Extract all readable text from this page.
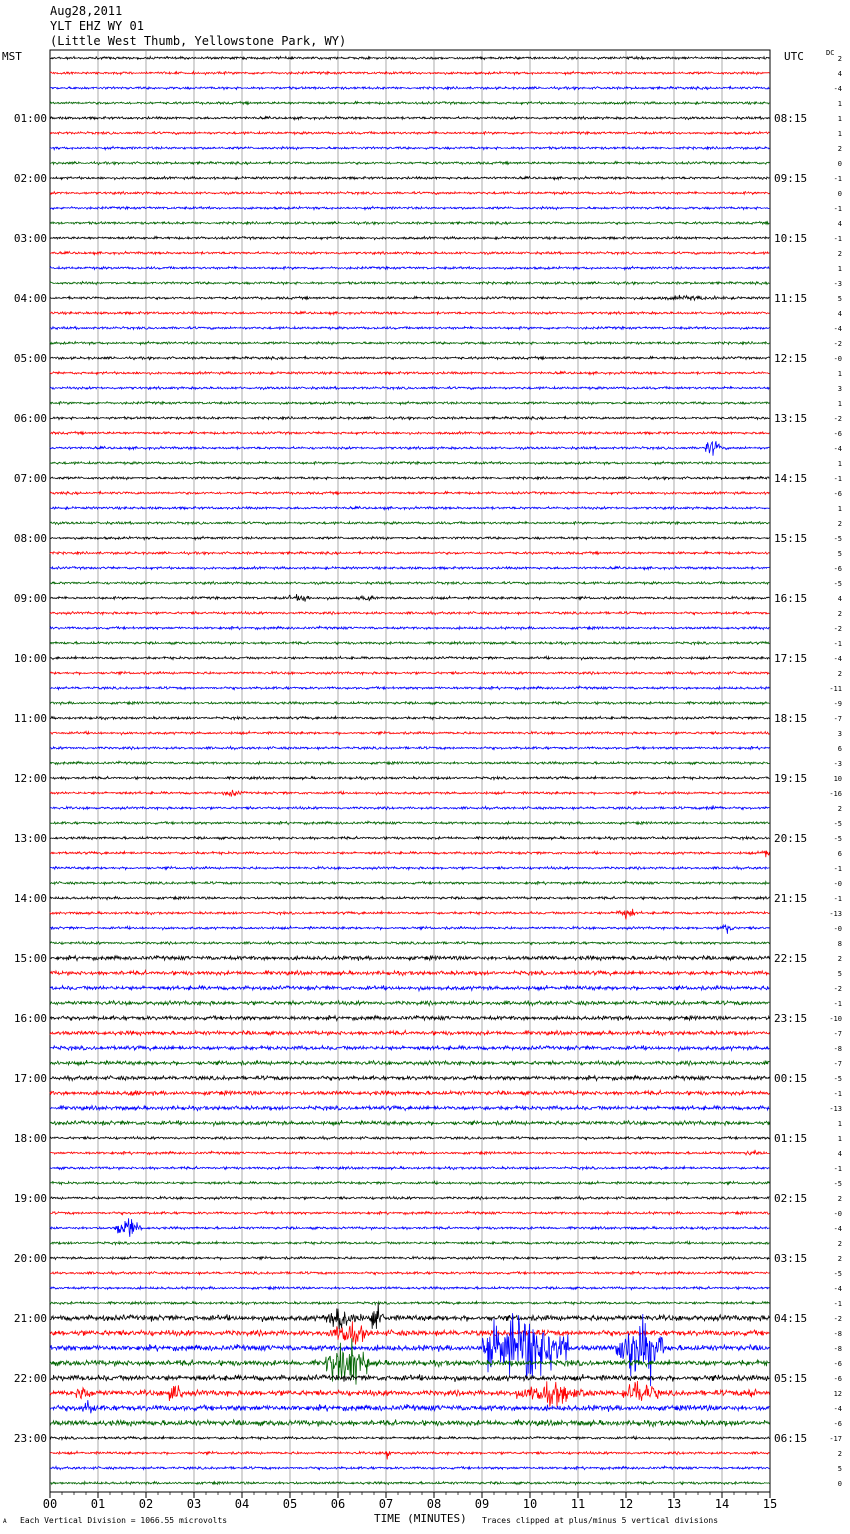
Aug28,2011
YLT EHZ WY 01
(Little West Thumb, Yellowstone Park, WY)
MST	UTC	DC
00	01	02	03	04	05	06	07	08	09	10	11	12	13	14	15
2
4
-4
1
1
1
2
0
-1
0
-1
4
-1
2
1
-3
5
4
-4
-2
-0
1
3
1
-2
-6
-4
1
-1
-6
1
2
-5
5
-6
-5
4
2
-2
-1
-4
2
-11
-9
-7
3
6
-3
10
-16
2
-5
-5
6
-1
-0
-1
-13
-0
8
2
5
-2
-1
-10
-7
-8
-7
-5
-1
-13
1
1
4
-1
-5
2
-0
-4
2
2
-5
-4
-1
-2
-8
-8
-6
-6
12
-4
-6
-17
2
5
0
01:00	08:15
02:00	09:15
03:00	10:15
04:00	11:15
05:00	12:15
06:00	13:15
07:00	14:15
08:00	15:15
09:00	16:15
10:00	17:15
11:00	18:15
12:00	19:15
13:00	20:15
14:00	21:15
15:00	22:15
16:00	23:15
17:00	00:15
18:00	01:15
19:00	02:15
20:00	03:15
21:00	04:15
22:00	05:15
23:00	06:15
TIME (MINUTES)
Each Vertical Division = 1066.55 microvolts	Traces clipped at plus/minus 5 vertical divisions
A
